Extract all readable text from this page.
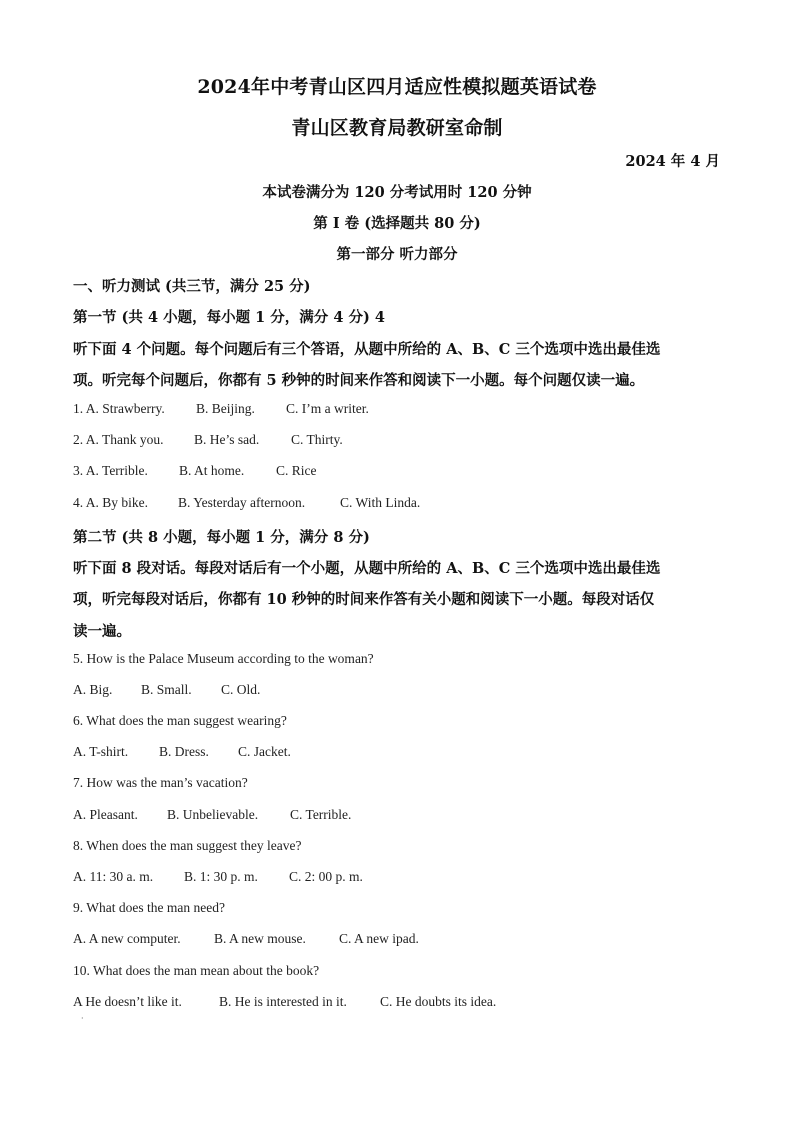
2024年中考青山区四月适应性模拟题英语试卷
青山区教育局教研室命制
2024 年 4 月
本试卷满分为 120 分考试用时 120 分钟
第 I 卷 (选择题共 80 分)
第一部分 听力部分
一、听力测试 (共三节，满分 25 分)
第一节 (共 4 小题，每小题 1 分，满分 4 分) 4
听下面 4 个问题。每个问题后有三个答语，从题中所给的 A、B、C 三个选项中选出最佳选
项。听完每个问题后，你都有 5 秒钟的时间来作答和阅读下一小题。每个问题仅读一遍。
1. A. Strawberry. B. Beijing. C. I’m a writer.
2. A. Thank you. B. He’s sad. C. Thirty.
3. A. Terrible. B. At home. C. Rice
4. A. By bike. B. Yesterday afternoon.	C. With Linda.
第二节 (共 8 小题，每小题 1 分，满分 8 分)
听下面 8 段对话。每段对话后有一个小题，从题中所给的 A、B、C 三个选项中选出最佳选
项，听完每段对话后，你都有 10 秒钟的时间来作答有关小题和阅读下一小题。每段对话仅
读一遍。
5. How is the Palace Museum according to the woman?
A. Big. B. Small. C. Old.
6. What does the man suggest wearing?
A. T-shirt. B. Dress. C. Jacket.
7. How was the man’s vacation?
A. Pleasant. B. Unbelievable. C. Terrible.
8. When does the man suggest they leave?
A. 11: 30 a. m. B. 1: 30 p. m. C. 2: 00 p. m.
9. What does the man need?
A. A new computer. B. A new mouse. C. A new ipad.
10. What does the man mean about the book?
A He doesn’t like it.	B. He is interested in it. C. He doubts its idea.
·
